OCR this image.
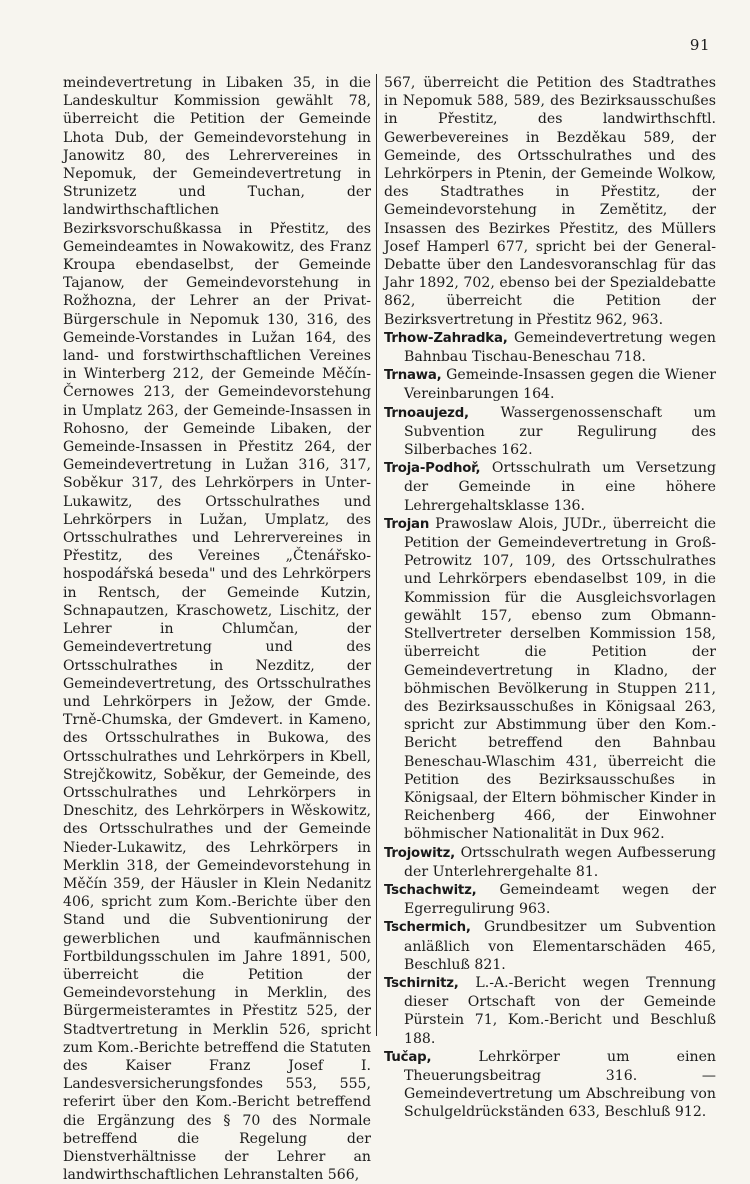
91

meindevertretung in Libaken 35, in die Landeskultur Kommission gewählt 78, überreicht die Petition der Gemeinde Lhota Dub, der Gemeindevorstehung in Janowitz 80, des Lehrervereines in Nepomuk, der Gemeindevertretung in Strunizetz und Tuchan, der landwirthschaftlichen Bezirksvorschußkassa in Přestitz, des Gemeindeamtes in Nowakowitz, des Franz Kroupa ebendaselbst, der Gemeinde Tajanow, der Gemeindevorstehung in Rožhozna, der Lehrer an der Privat-Bürgerschule in Nepomuk 130, 316, des Gemeinde-Vorstandes in Lužan 164, des land- und forstwirthschaftlichen Vereines in Winterberg 212, der Gemeinde Měčín-Černowes 213, der Gemeindevorstehung in Umplatz 263, der Gemeinde-Insassen in Rohosno, der Gemeinde Libaken, der Gemeinde-Insassen in Přestitz 264, der Gemeindevertretung in Lužan 316, 317, Soběkur 317, des Lehrkörpers in Unter-Lukawitz, des Ortsschulrathes und Lehrkörpers in Lužan, Umplatz, des Ortsschulrathes und Lehrervereines in Přestitz, des Vereines „Čtenářsko-hospodářská beseda" und des Lehrkörpers in Rentsch, der Gemeinde Kutzin, Schnapautzen, Kraschowetz, Lischitz, der Lehrer in Chlumčan, der Gemeindevertretung und des Ortsschulrathes in Nezditz, der Gemeindevertretung, des Ortsschulrathes und Lehrkörpers in Ježow, der Gmde. Trně-Chumska, der Gmdevert. in Kameno, des Ortsschulrathes in Bukowa, des Ortsschulrathes und Lehrkörpers in Kbell, Strejčkowitz, Soběkur, der Gemeinde, des Ortsschulrathes und Lehrkörpers in Dneschitz, des Lehrkörpers in Wěskowitz, des Ortsschulrathes und der Gemeinde Nieder-Lukawitz, des Lehrkörpers in Merklin 318, der Gemeindevorstehung in Měčín 359, der Häusler in Klein Nedanitz 406, spricht zum Kom.-Berichte über den Stand und die Subventionirung der gewerblichen und kaufmännischen Fortbildungsschulen im Jahre 1891, 500, überreicht die Petition der Gemeindevorstehung in Merklin, des Bürgermeisteramtes in Přestitz 525, der Stadtvertretung in Merklin 526, spricht zum Kom.-Berichte betreffend die Statuten des Kaiser Franz Josef I. Landesversicherungsfondes 553, 555, referirt über den Kom.-Bericht betreffend die Ergänzung des § 70 des Normale betreffend die Regelung der Dienstverhältnisse der Lehrer an landwirthschaftlichen Lehranstalten 566,

567, überreicht die Petition des Stadtrathes in Nepomuk 588, 589, des Bezirksausschußes in Přestitz, des landwirthschftl. Gewerbevereines in Bezděkau 589, der Gemeinde, des Ortsschulrathes und des Lehrkörpers in Ptenin, der Gemeinde Wolkow, des Stadtrathes in Přestitz, der Gemeindevorstehung in Zemětitz, der Insassen des Bezirkes Přestitz, des Müllers Josef Hamperl 677, spricht bei der General-Debatte über den Landesvoranschlag für das Jahr 1892, 702, ebenso bei der Spezialdebatte 862, überreicht die Petition der Bezirksvertretung in Přestitz 962, 963.

Trhow-Zahradka, Gemeindevertretung wegen Bahnbau Tischau-Beneschau 718.

Trnawa, Gemeinde-Insassen gegen die Wiener Vereinbarungen 164.

Trnoaujezd, Wassergenossenschaft um Subvention zur Regulirung des Silberbaches 162.

Troja-Podhoř, Ortsschulrath um Versetzung der Gemeinde in eine höhere Lehrergehaltsklasse 136.

Trojan Prawoslaw Alois, JUDr., überreicht die Petition der Gemeindevertretung in Groß-Petrowitz 107, 109, des Ortsschulrathes und Lehrkörpers ebendaselbst 109, in die Kommission für die Ausgleichsvorlagen gewählt 157, ebenso zum Obmann-Stellvertreter derselben Kommission 158, überreicht die Petition der Gemeindevertretung in Kladno, der böhmischen Bevölkerung in Stuppen 211, des Bezirksausschußes in Königsaal 263, spricht zur Abstimmung über den Kom.-Bericht betreffend den Bahnbau Beneschau-Wlaschim 431, überreicht die Petition des Bezirksausschußes in Königsaal, der Eltern böhmischer Kinder in Reichenberg 466, der Einwohner böhmischer Nationalität in Dux 962.

Trojowitz, Ortsschulrath wegen Aufbesserung der Unterlehrergehalte 81.

Tschachwitz, Gemeindeamt wegen der Egerregulirung 963.

Tschermich, Grundbesitzer um Subvention anläßlich von Elementarschäden 465, Beschluß 821.

Tschirnitz, L.-A.-Bericht wegen Trennung dieser Ortschaft von der Gemeinde Pürstein 71, Kom.-Bericht und Beschluß 188.

Tučap,	Lehrkörper um einen Theuerungsbeitrag 316. — Gemeindevertretung um Abschreibung von Schulgeldrückständen 633, Beschluß 912.
